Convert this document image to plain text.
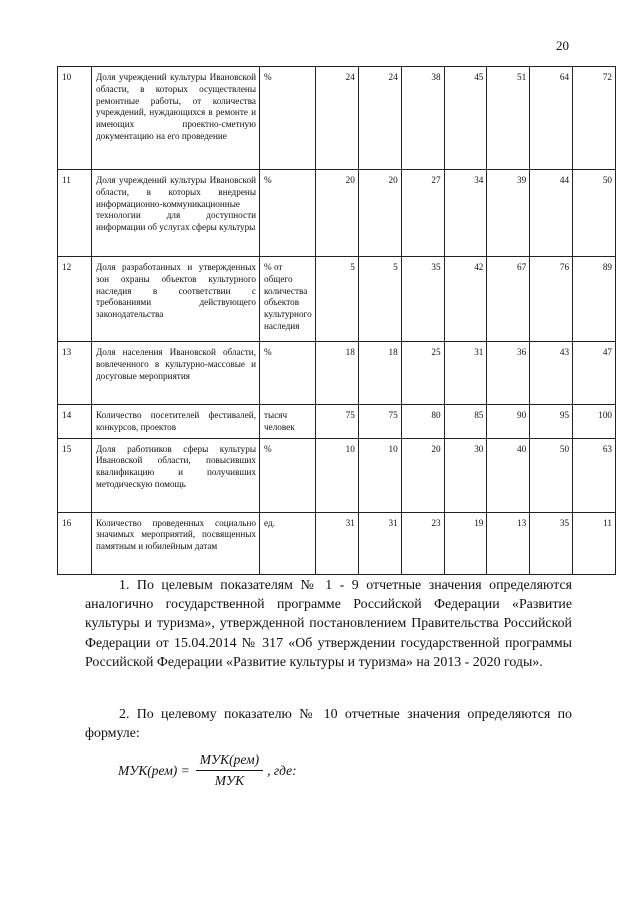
20
10	Доля учреждений культуры Ивановской области, в которых осуществлены ремонтные работы, от количества учреждений, нуждающихся в ремонте и имеющих проектно-сметную документацию на его проведение	%	24	24	38	45	51	64	72
11	Доля учреждений культуры Ивановской области, в которых внедрены информационно-коммуникационные технологии для доступности информации об услугах сферы культуры	%	20	20	27	34	39	44	50
12	Доля разработанных и утвержденных зон охраны объектов культурного наследия в соответствии с требованиями действующего законодательства	% от общего количества объектов культурного наследия	5	5	35	42	67	76	89
13	Доля населения Ивановской области, вовлеченного в культурно-массовые и досуговые мероприятия	%	18	18	25	31	36	43	47
14	Количество посетителей фестивалей, конкурсов, проектов	тысяч человек	75	75	80	85	90	95	100
15	Доля работников сферы культуры Ивановской области, повысивших квалификацию и получивших методическую помощь	%	10	10	20	30	40	50	63
16	Количество проведенных социально значимых мероприятий, посвященных памятным и юбилейным датам	ед.	31	31	23	19	13	35	11

1. По целевым показателям № 1 - 9 отчетные значения определяются аналогично государственной программе Российской Федерации «Развитие культуры и туризма», утвержденной постановлением Правительства Российской Федерации от 15.04.2014 № 317 «Об утверждении государственной программы Российской Федерации «Развитие культуры и туризма» на 2013 - 2020 годы».

2. По целевому показателю № 10 отчетные значения определяются по формуле:

$МУК(рем) = \frac{\text{МУК(рем)}}{\text{МУК}}$ , где:
